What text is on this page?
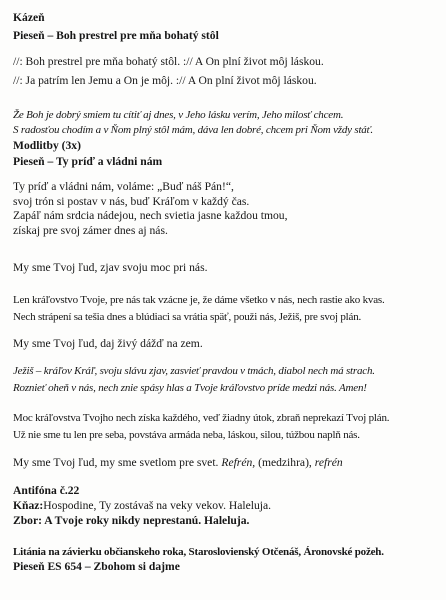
Kázeň
Pieseň – Boh prestrel pre mňa bohatý stôl
//: Boh prestrel pre mňa bohatý stôl. :// A On plní život môj láskou.
//: Ja patrím len Jemu a On je môj. :// A On plní život môj láskou.
Že Boh je dobrý smiem tu cítiť aj dnes, v Jeho lásku verím, Jeho milosť chcem.
S radosťou chodím a v Ňom plný stôl mám, dáva len dobré, chcem pri Ňom vždy stáť.
Modlitby (3x)
Pieseň – Ty príď a vládni nám
Ty príď a vládni nám, voláme: „Buď náš Pán!“,
svoj trón si postav v nás, buď Kráľom v každý čas.
Zapáľ nám srdcia nádejou, nech svietia jasne každou tmou,
získaj pre svoj zámer dnes aj nás.
My sme Tvoj ľud, zjav svoju moc pri nás.
Len kráľovstvo Tvoje, pre nás tak vzácne je, že dáme všetko v nás, nech rastie ako kvas.
Nech strápení sa tešia dnes a blúdiaci sa vrátia späť, použi nás, Ježiš, pre svoj plán.
My sme Tvoj ľud, daj živý dážď na zem.
Ježiš – kráľov Kráľ, svoju slávu zjav, zasvieť pravdou v tmách, diabol nech má strach.
Roznieť oheň v nás, nech znie spásy hlas a Tvoje kráľovstvo príde medzi nás. Amen!
Moc kráľovstva Tvojho nech získa každého, veď žiadny útok, zbraň neprekazí Tvoj plán.
Už nie sme tu len pre seba, povstáva armáda neba, láskou, silou, túžbou naplň nás.
My sme Tvoj ľud, my sme svetlom pre svet. Refrén, (medzihra), refrén
Antifóna č.22
Kňaz:Hospodine, Ty zostávaš na veky vekov. Haleluja.
Zbor: A Tvoje roky nikdy neprestanú. Haleluja.
Litánia na závierku občianskeho roka, Staroslovienský Otčenáš, Áronovské požeh.
Pieseň ES 654 – Zbohom si dajme
